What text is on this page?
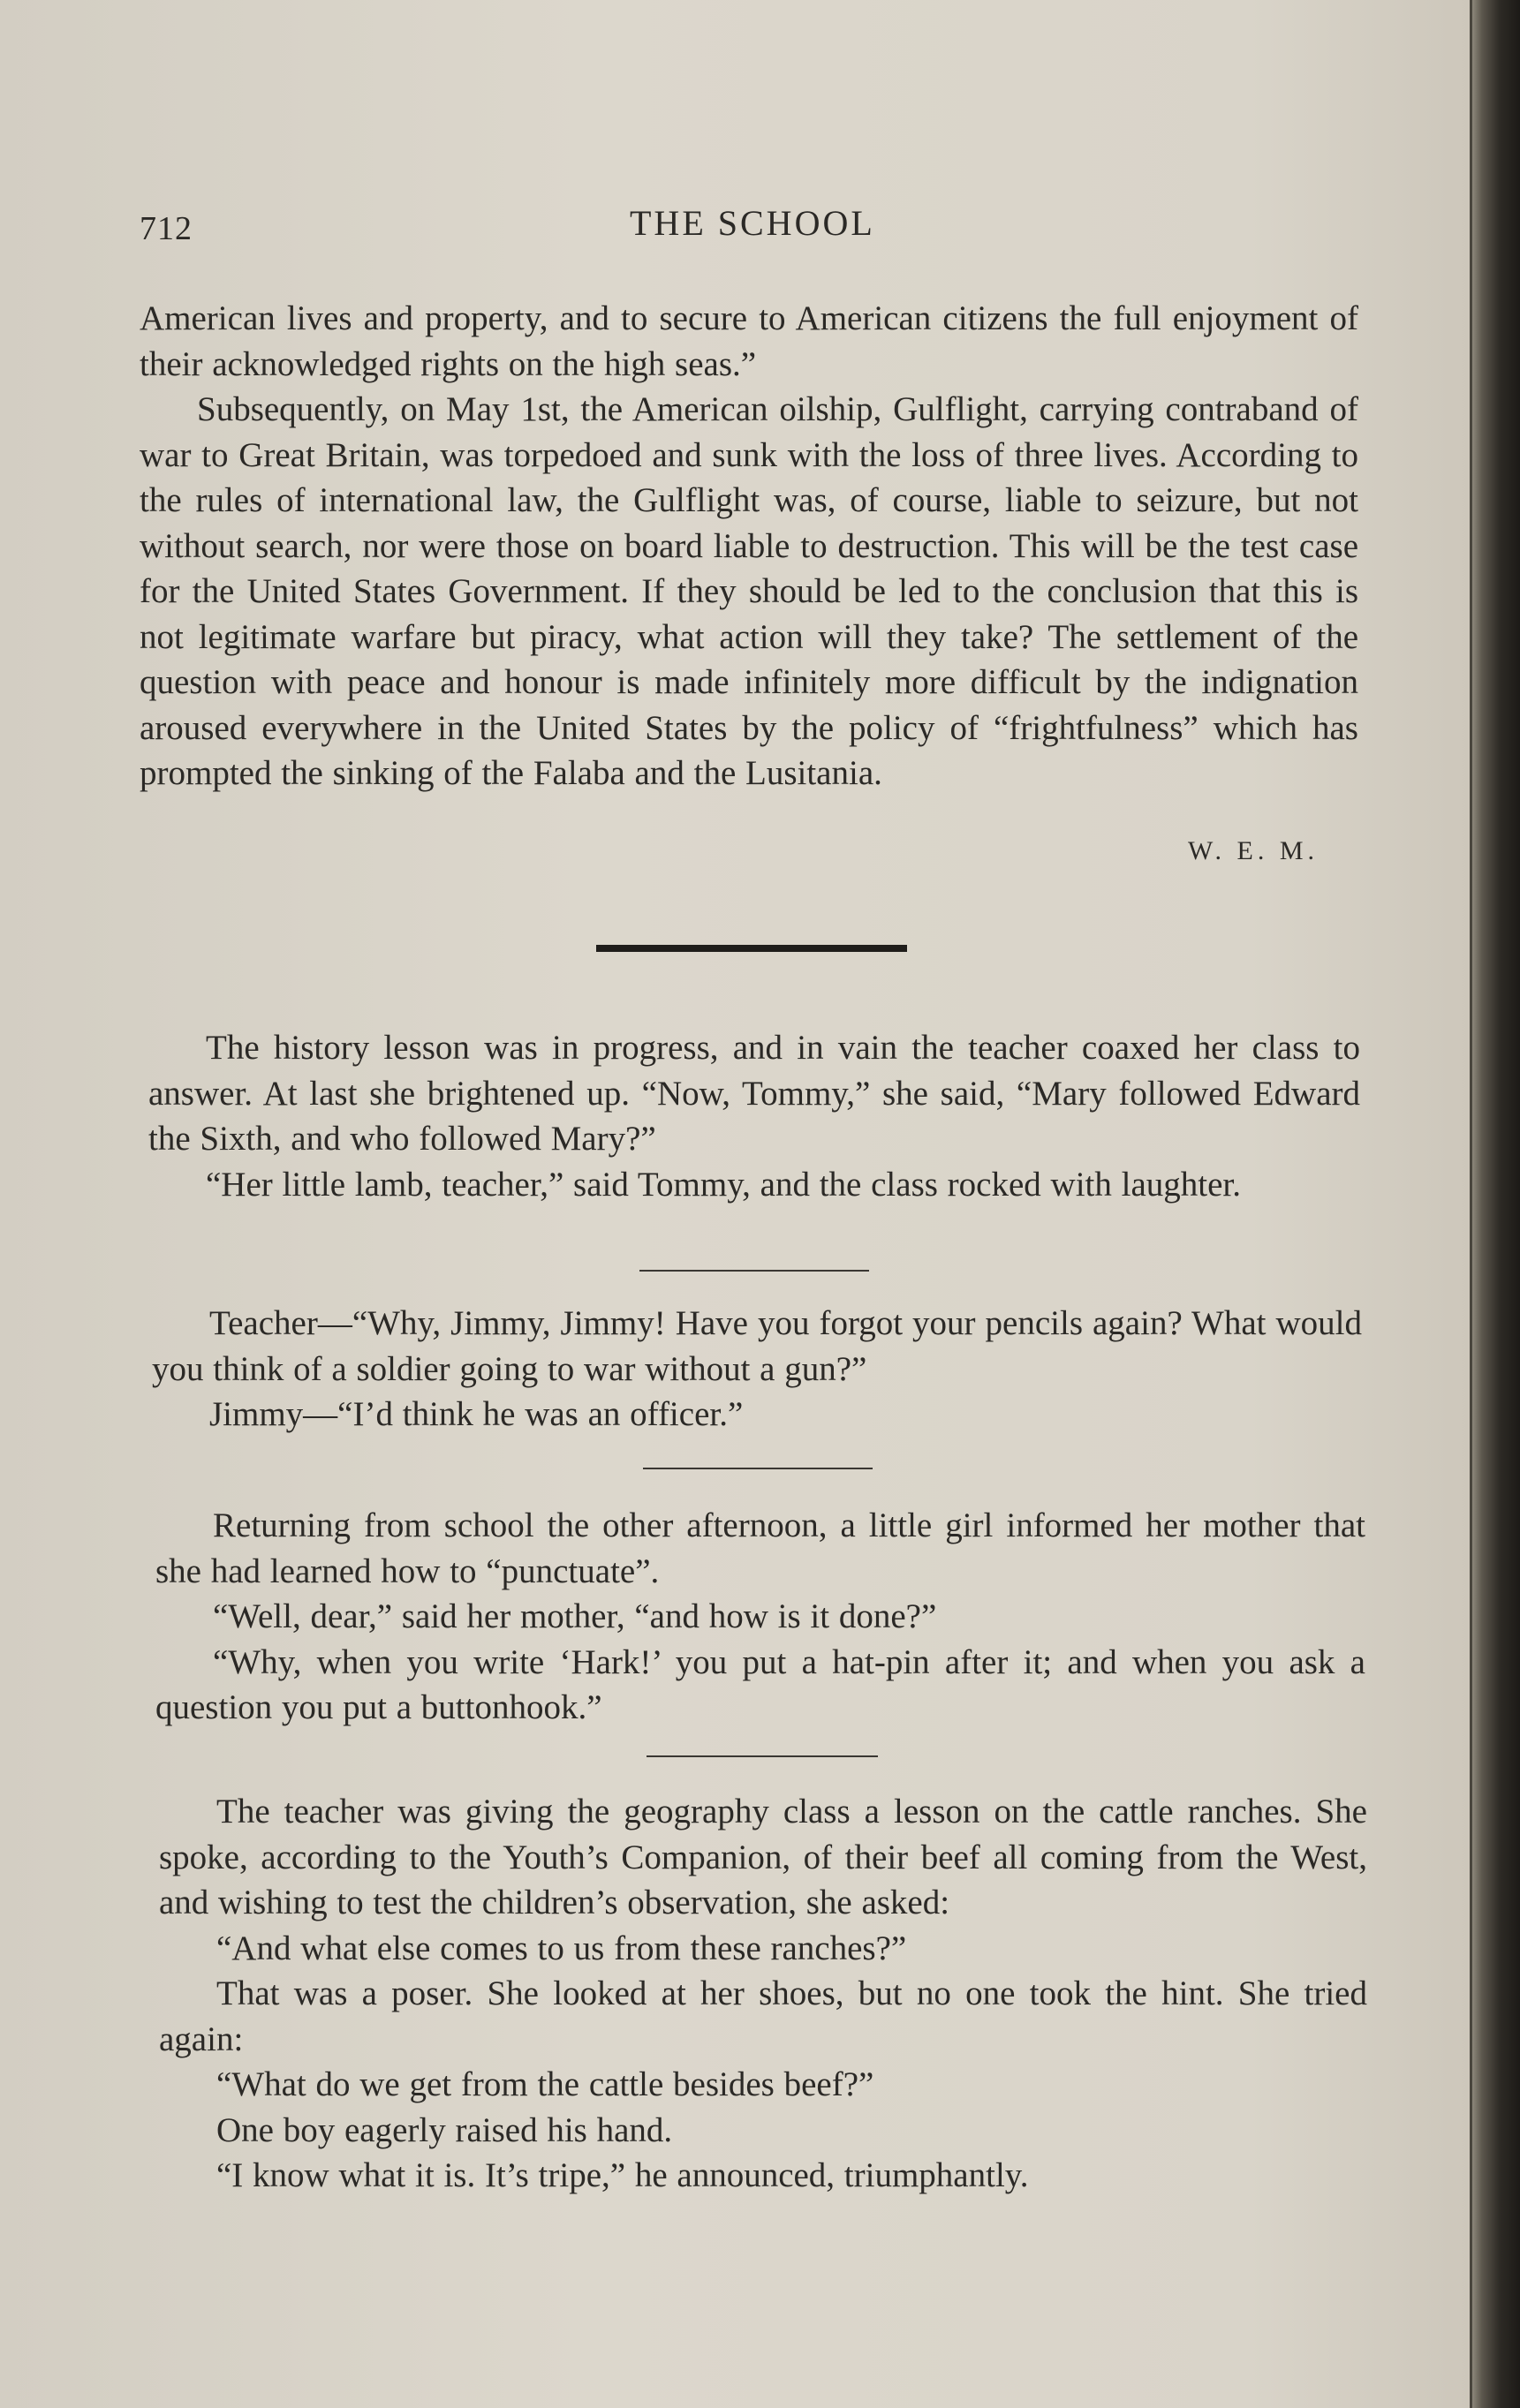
712	THE SCHOOL

American lives and property, and to secure to American citizens the full enjoyment of their acknowledged rights on the high seas.”

Subsequently, on May 1st, the American oilship, Gulflight, carrying contraband of war to Great Britain, was torpedoed and sunk with the loss of three lives. According to the rules of international law, the Gulflight was, of course, liable to seizure, but not without search, nor were those on board liable to destruction. This will be the test case for the United States Government. If they should be led to the conclusion that this is not legitimate warfare but piracy, what action will they take? The settlement of the question with peace and honour is made infinitely more difficult by the indignation aroused everywhere in the United States by the policy of “frightfulness” which has prompted the sinking of the Falaba and the Lusitania.

W. E. M.

The history lesson was in progress, and in vain the teacher coaxed her class to answer. At last she brightened up. “Now, Tommy,” she said, “Mary followed Edward the Sixth, and who followed Mary?”

“Her little lamb, teacher,” said Tommy, and the class rocked with laughter.

Teacher—“Why, Jimmy, Jimmy! Have you forgot your pencils again? What would you think of a soldier going to war without a gun?”

Jimmy—“I’d think he was an officer.”

Returning from school the other afternoon, a little girl informed her mother that she had learned how to “punctuate”.

“Well, dear,” said her mother, “and how is it done?”

“Why, when you write ‘Hark!’ you put a hat-pin after it; and when you ask a question you put a buttonhook.”

The teacher was giving the geography class a lesson on the cattle ranches. She spoke, according to the Youth’s Companion, of their beef all coming from the West, and wishing to test the children’s observation, she asked:

“And what else comes to us from these ranches?”

That was a poser. She looked at her shoes, but no one took the hint. She tried again:

“What do we get from the cattle besides beef?”

One boy eagerly raised his hand.

“I know what it is. It’s tripe,” he announced, triumphantly.
